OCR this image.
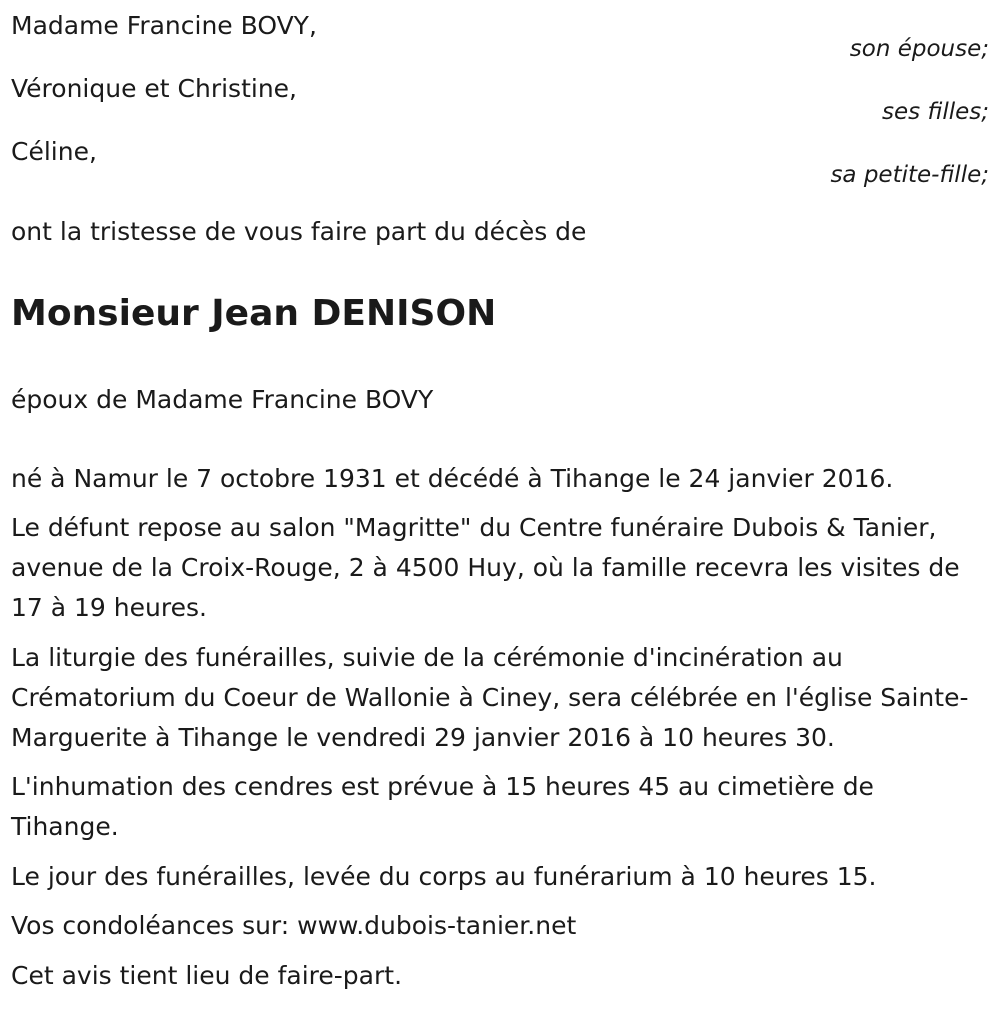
Madame Francine BOVY,
son épouse;
Véronique et Christine,
ses filles;
Céline,
sa petite-fille;
ont la tristesse de vous faire part du décès de
Monsieur Jean DENISON
époux de Madame Francine BOVY
né à Namur le 7 octobre 1931 et décédé à Tihange le 24 janvier 2016.
Le défunt repose au salon "Magritte" du Centre funéraire Dubois & Tanier, avenue de la Croix-Rouge, 2 à 4500 Huy, où la famille recevra les visites de 17 à 19 heures.
La liturgie des funérailles, suivie de la cérémonie d'incinération au Crématorium du Coeur de Wallonie à Ciney, sera célébrée en l'église Sainte-Marguerite à Tihange le vendredi 29 janvier 2016 à 10 heures 30.
L'inhumation des cendres est prévue à 15 heures 45 au cimetière de Tihange.
Le jour des funérailles, levée du corps au funérarium à 10 heures 15.
Vos condoléances sur: www.dubois-tanier.net
Cet avis tient lieu de faire-part.
